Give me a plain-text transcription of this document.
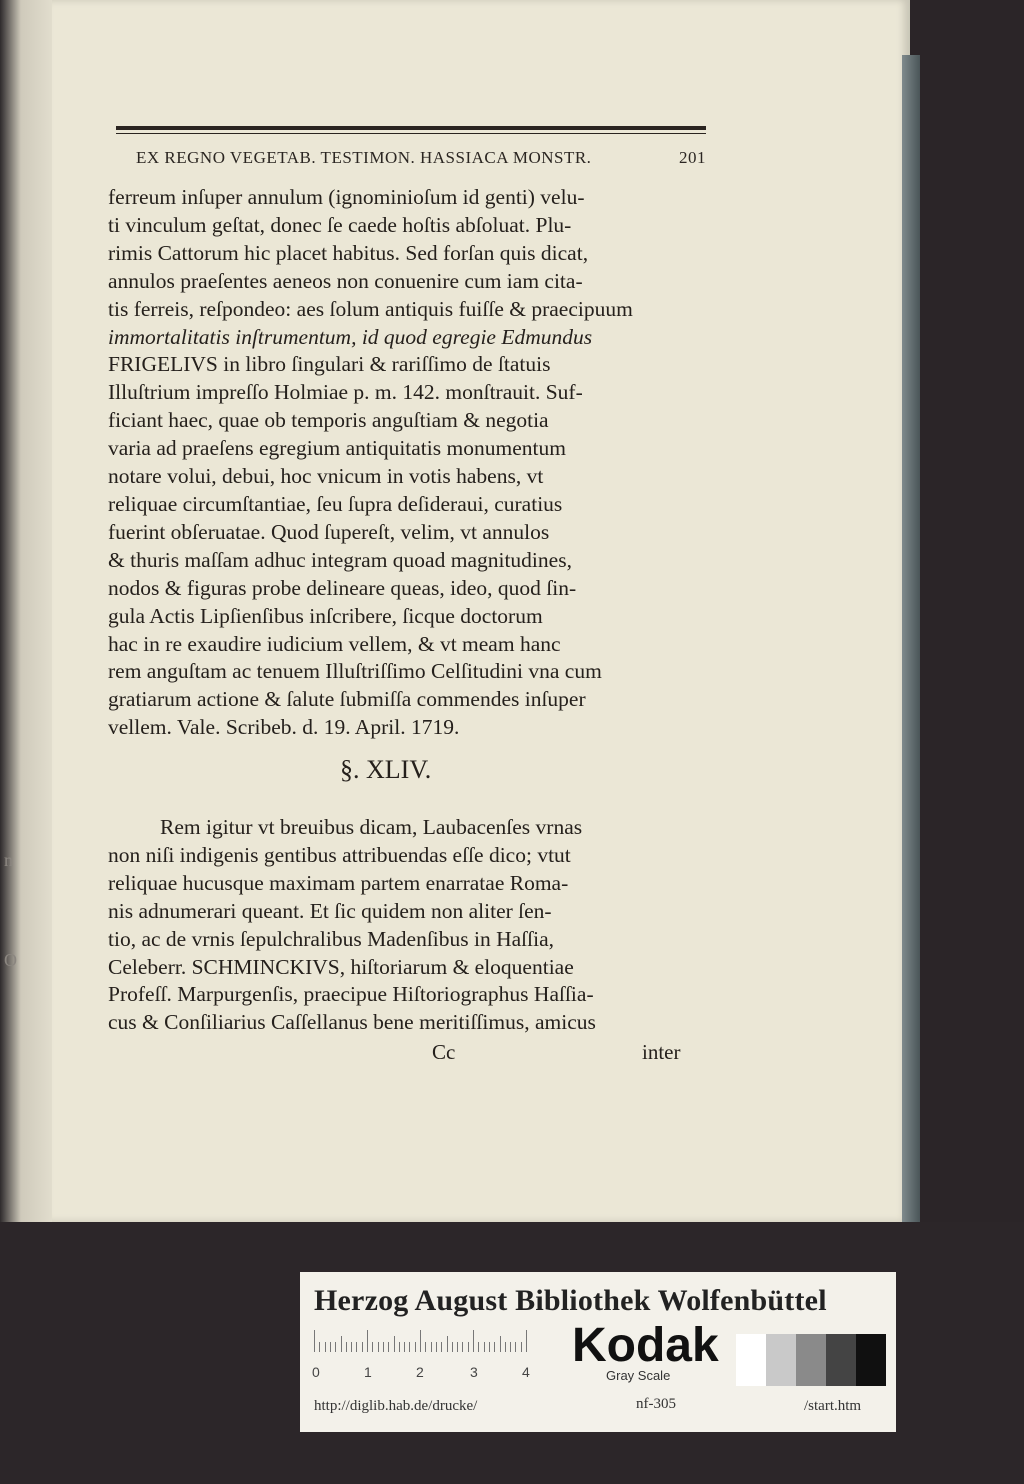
n
O
EX REGNO VEGETAB. TESTIMON. HASSIACA MONSTR.	201

ferreum inſuper annulum (ignominioſum id genti) velu-

ti vinculum geſtat, donec ſe caede hoſtis abſoluat. Plu-

rimis Cattorum hic placet habitus. Sed forſan quis dicat,

annulos praeſentes aeneos non conuenire cum iam cita-

tis ferreis, reſpondeo: aes ſolum antiquis fuiſſe & praecipuum

immortalitatis inſtrumentum, id quod egregie Edmundus

FRIGELIVS in libro ſingulari & rariſſimo de ſtatuis

Illuſtrium impreſſo Holmiae p. m. 142. monſtrauit. Suf-

ficiant haec, quae ob temporis anguſtiam & negotia

varia ad praeſens egregium antiquitatis monumentum

notare volui, debui, hoc vnicum in votis habens, vt

reliquae circumſtantiae, ſeu ſupra deſideraui, curatius

fuerint obſeruatae. Quod ſupereſt, velim, vt annulos

& thuris maſſam adhuc integram quoad magnitudines,

nodos & figuras probe delineare queas, ideo, quod ſin-

gula Actis Lipſienſibus inſcribere, ſicque doctorum

hac in re exaudire iudicium vellem, & vt meam hanc

rem anguſtam ac tenuem Illuſtriſſimo Celſitudini vna cum

gratiarum actione & ſalute ſubmiſſa commendes inſuper

vellem. Vale. Scribeb. d. 19. April. 1719.

§. XLIV.

Rem igitur vt breuibus dicam, Laubacenſes vrnas

non niſi indigenis gentibus attribuendas eſſe dico; vtut

reliquae hucusque maximam partem enarratae Roma-

nis adnumerari queant. Et ſic quidem non aliter ſen-

tio, ac de vrnis ſepulchralibus Madenſibus in Haſſia,

Celeberr. SCHMINCKIVS, hiſtoriarum & eloquentiae

Profeſſ. Marpurgenſis, praecipue Hiſtoriographus Haſſia-

cus & Conſiliarius Caſſellanus bene meritiſſimus, amicus

Cc	inter
Herzog August Bibliothek Wolfenbüttel
0	1	2	3	4 Kodak
Gray Scale
http://diglib.hab.de/drucke/	nf-305	/start.htm
